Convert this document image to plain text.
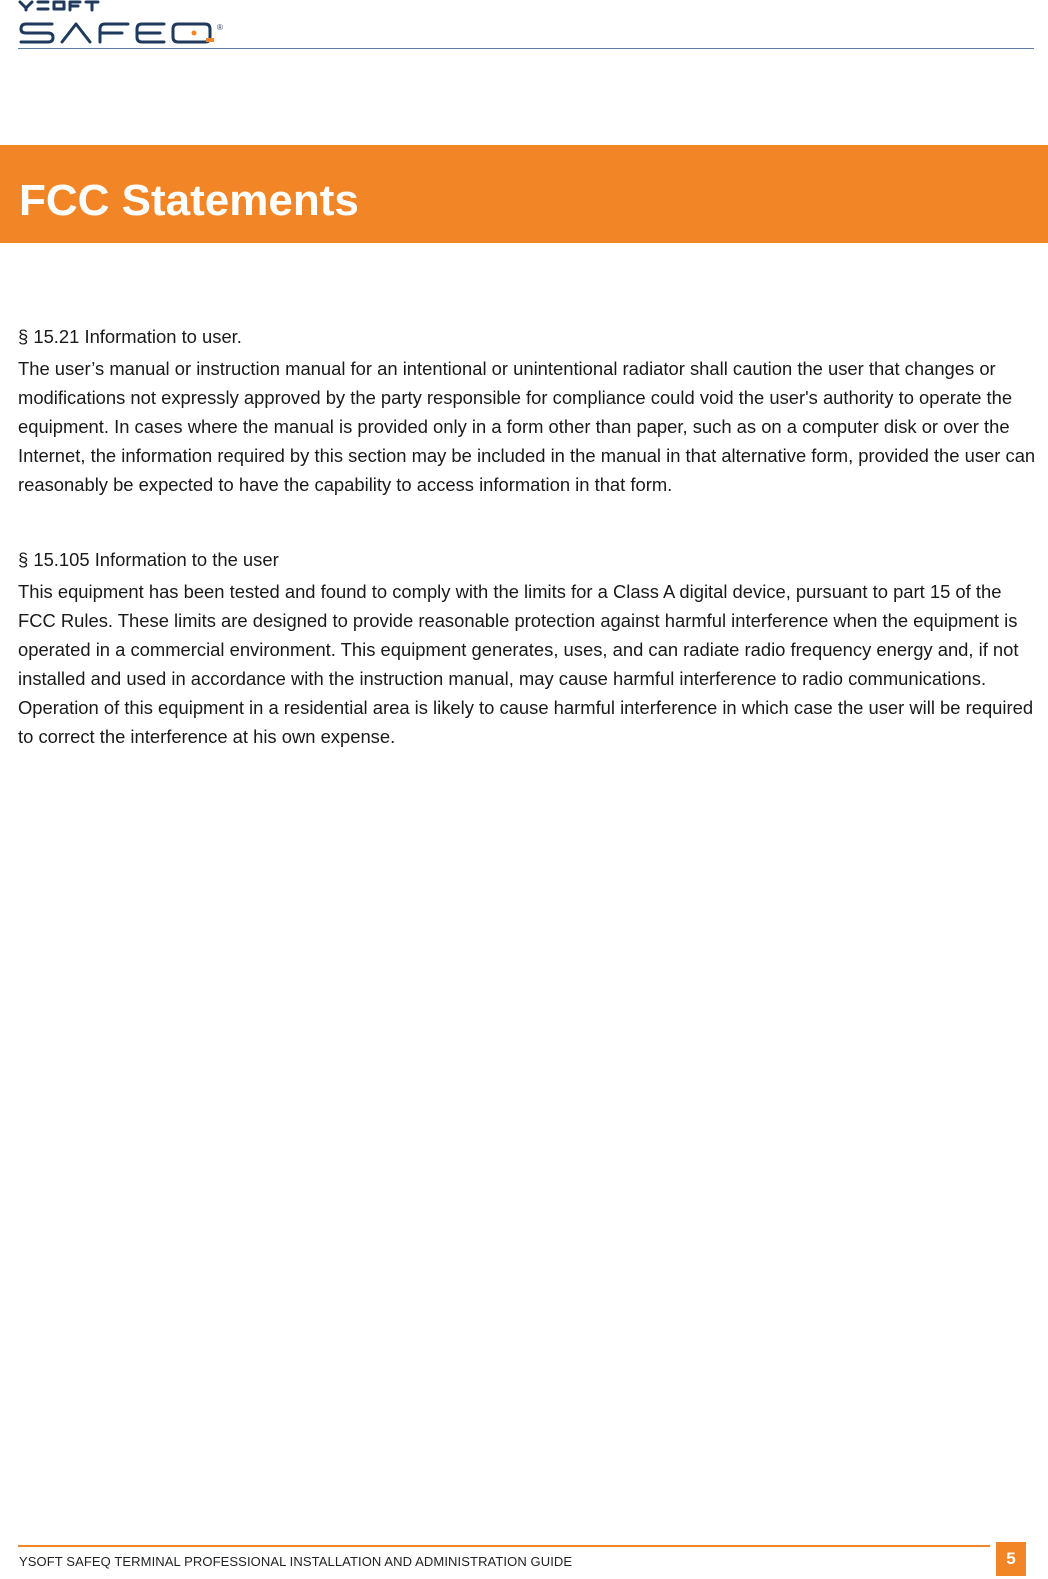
®
FCC Statements

§ 15.21 Information to user.

The user’s manual or instruction manual for an intentional or unintentional radiator shall caution the user that changes or modifications not expressly approved by the party responsible for compliance could void the user's authority to operate the equipment. In cases where the manual is provided only in a form other than paper, such as on a computer disk or over the Internet, the information required by this section may be included in the manual in that alternative form, provided the user can reasonably be expected to have the capability to access information in that form.

§ 15.105 Information to the user

This equipment has been tested and found to comply with the limits for a Class A digital device, pursuant to part 15 of the FCC Rules. These limits are designed to provide reasonable protection against harmful interference when the equipment is operated in a commercial environment. This equipment generates, uses, and can radiate radio frequency energy and, if not installed and used in accordance with the instruction manual, may cause harmful interference to radio communications. Operation of this equipment in a residential area is likely to cause harmful interference in which case the user will be required to correct the interference at his own expense.

YSOFT SAFEQ TERMINAL PROFESSIONAL INSTALLATION AND ADMINISTRATION GUIDE	5
